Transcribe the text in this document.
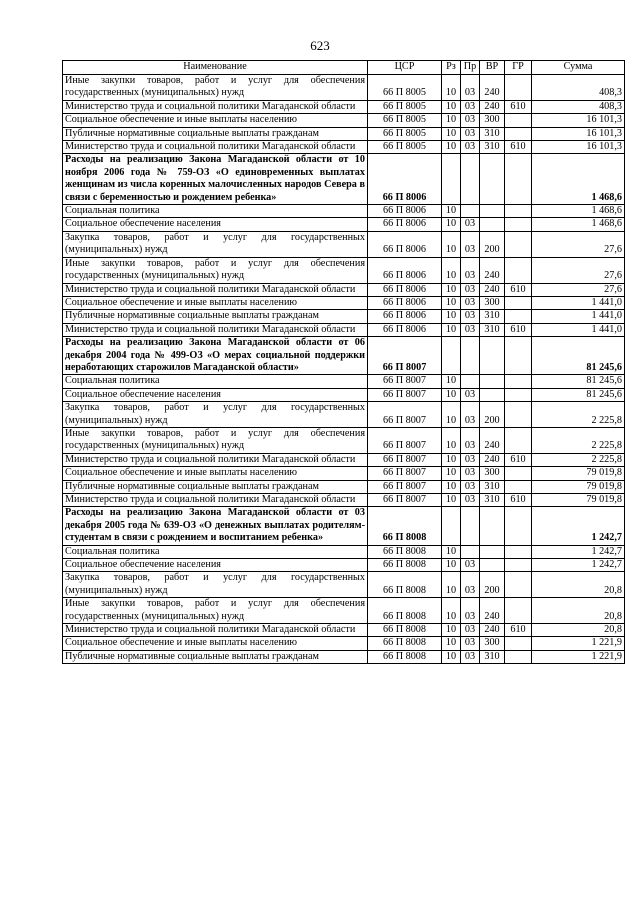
623
Наименование	ЦСР	Рз	Пр	ВР	ГР	Сумма
Иные закупки товаров, работ и услуг для обеспечения государственных (муниципальных) нужд	66 П 8005	10	03	240		408,3
Министерство труда и социальной политики Магаданской области	66 П 8005	10	03	240	610	408,3
Социальное обеспечение и иные выплаты населению	66 П 8005	10	03	300		16 101,3
Публичные нормативные социальные выплаты гражданам	66 П 8005	10	03	310		16 101,3
Министерство труда и социальной политики Магаданской области	66 П 8005	10	03	310	610	16 101,3
Расходы на реализацию Закона Магаданской области от 10 ноября 2006 года № 759-ОЗ «О единовременных выплатах женщинам из числа коренных малочисленных народов Севера в связи с беременностью и рождением ребенка»	66 П 8006					1 468,6
Социальная политика	66 П 8006	10				1 468,6
Социальное обеспечение населения	66 П 8006	10	03			1 468,6
Закупка товаров, работ и услуг для государственных (муниципальных) нужд	66 П 8006	10	03	200		27,6
Иные закупки товаров, работ и услуг для обеспечения государственных (муниципальных) нужд	66 П 8006	10	03	240		27,6
Министерство труда и социальной политики Магаданской области	66 П 8006	10	03	240	610	27,6
Социальное обеспечение и иные выплаты населению	66 П 8006	10	03	300		1 441,0
Публичные нормативные социальные выплаты гражданам	66 П 8006	10	03	310		1 441,0
Министерство труда и социальной политики Магаданской области	66 П 8006	10	03	310	610	1 441,0
Расходы на реализацию Закона Магаданской области от 06 декабря 2004 года № 499-ОЗ «О мерах социальной поддержки неработающих старожилов Магаданской области»	66 П 8007					81 245,6
Социальная политика	66 П 8007	10				81 245,6
Социальное обеспечение населения	66 П 8007	10	03			81 245,6
Закупка товаров, работ и услуг для государственных (муниципальных) нужд	66 П 8007	10	03	200		2 225,8
Иные закупки товаров, работ и услуг для обеспечения государственных (муниципальных) нужд	66 П 8007	10	03	240		2 225,8
Министерство труда и социальной политики Магаданской области	66 П 8007	10	03	240	610	2 225,8
Социальное обеспечение и иные выплаты населению	66 П 8007	10	03	300		79 019,8
Публичные нормативные социальные выплаты гражданам	66 П 8007	10	03	310		79 019,8
Министерство труда и социальной политики Магаданской области	66 П 8007	10	03	310	610	79 019,8
Расходы на реализацию Закона Магаданской области от 03 декабря 2005 года № 639-ОЗ «О денежных выплатах родителям-студентам в связи с рождением и воспитанием ребенка»	66 П 8008					1 242,7
Социальная политика	66 П 8008	10				1 242,7
Социальное обеспечение населения	66 П 8008	10	03			1 242,7
Закупка товаров, работ и услуг для государственных (муниципальных) нужд	66 П 8008	10	03	200		20,8
Иные закупки товаров, работ и услуг для обеспечения государственных (муниципальных) нужд	66 П 8008	10	03	240		20,8
Министерство труда и социальной политики Магаданской области	66 П 8008	10	03	240	610	20,8
Социальное обеспечение и иные выплаты населению	66 П 8008	10	03	300		1 221,9
Публичные нормативные социальные выплаты гражданам	66 П 8008	10	03	310		1 221,9
